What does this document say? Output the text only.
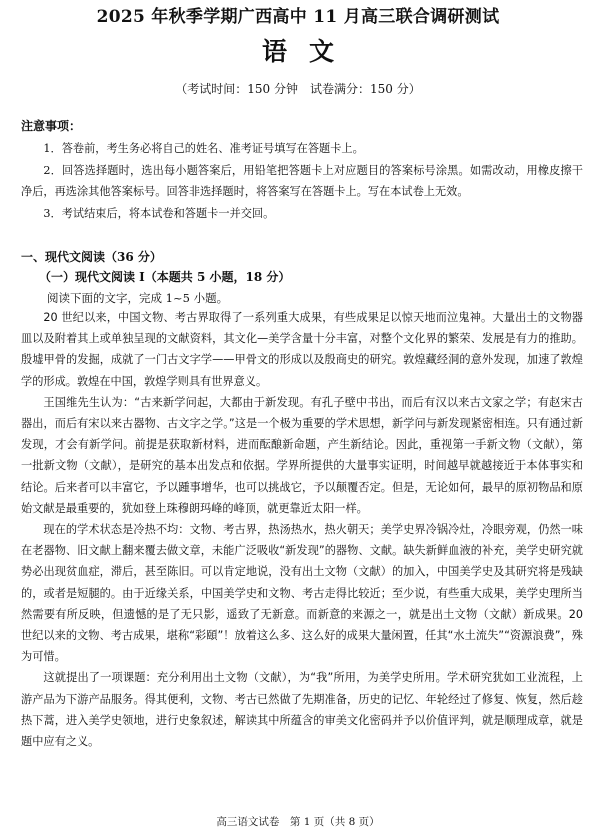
2025 年秋季学期广西高中 11 月高三联合调研测试
语文
（考试时间：150 分钟　试卷满分：150 分）
注意事项：

1．答卷前，考生务必将自己的姓名、准考证号填写在答题卡上。

2．回答选择题时，选出每小题答案后，用铅笔把答题卡上对应题目的答案标号涂黑。如需改动，用橡皮擦干净后，再选涂其他答案标号。回答非选择题时，将答案写在答题卡上。写在本试卷上无效。

3．考试结束后，将本试卷和答题卡一并交回。

一、现代文阅读（36 分）
（一）现代文阅读 I（本题共 5 小题，18 分）
阅读下面的文字，完成 1~5 小题。

20 世纪以来，中国文物、考古界取得了一系列重大成果，有些成果足以惊天地而泣鬼神。大量出土的文物器皿以及附着其上或单独呈现的文献资料，其文化—美学含量十分丰富，对整个文化界的繁荣、发展是有力的推助。殷墟甲骨的发掘，成就了一门古文字学——甲骨文的形成以及殷商史的研究。敦煌藏经洞的意外发现，加速了敦煌学的形成。敦煌在中国，敦煌学则具有世界意义。

王国维先生认为：“古来新学问起，大都由于新发现。有孔子壁中书出，而后有汉以来古文家之学；有赵宋古器出，而后有宋以来古器物、古文字之学。”这是一个极为重要的学术思想，新学问与新发现紧密相连。只有通过新发现，才会有新学问。前提是获取新材料，进而酝酿新命题，产生新结论。因此，重视第一手新文物（文献），第一批新文物（文献），是研究的基本出发点和依据。学界所提供的大量事实证明，时间越早就越接近于本体事实和结论。后来者可以丰富它，予以踵事增华，也可以挑战它，予以颠覆否定。但是，无论如何，最早的原初物品和原始文献是最重要的，犹如登上珠穆朗玛峰的峰顶，就更靠近太阳一样。

现在的学术状态是冷热不均：文物、考古界，热汤热水，热火朝天；美学史界冷锅冷灶，冷眼旁观，仍然一味在老器物、旧文献上翻来覆去做文章，未能广泛吸收“新发现”的器物、文献。缺失新鲜血液的补充，美学史研究就势必出现贫血症，滞后，甚至陈旧。可以肯定地说，没有出土文物（文献）的加入，中国美学史及其研究将是残缺的，或者是短腿的。由于近缘关系，中国美学史和文物、考古走得比较近；至少说，有些重大成果，美学史理所当然需要有所反映，但遗憾的是了无只影，遥致了无新意。而新意的来源之一，就是出土文物（文献）新成果。20 世纪以来的文物、考古成果，堪称“彩頤”！放着这么多、这么好的成果大量闲置，任其“水土流失”“资源浪费”，殊为可惜。

这就提出了一项课题：充分利用出土文物（文献），为“我”所用，为美学史所用。学术研究犹如工业流程，上游产品为下游产品服务。得其便利，文物、考古已然做了先期准备，历史的记忆、年轮经过了修复、恢复，然后趁热下蒿，进入美学史领地，进行史象叙述，解读其中所蕴含的审美文化密码并予以价值评判，就是顺理成章，就是题中应有之义。

高三语文试卷　第 1 页（共 8 页）
